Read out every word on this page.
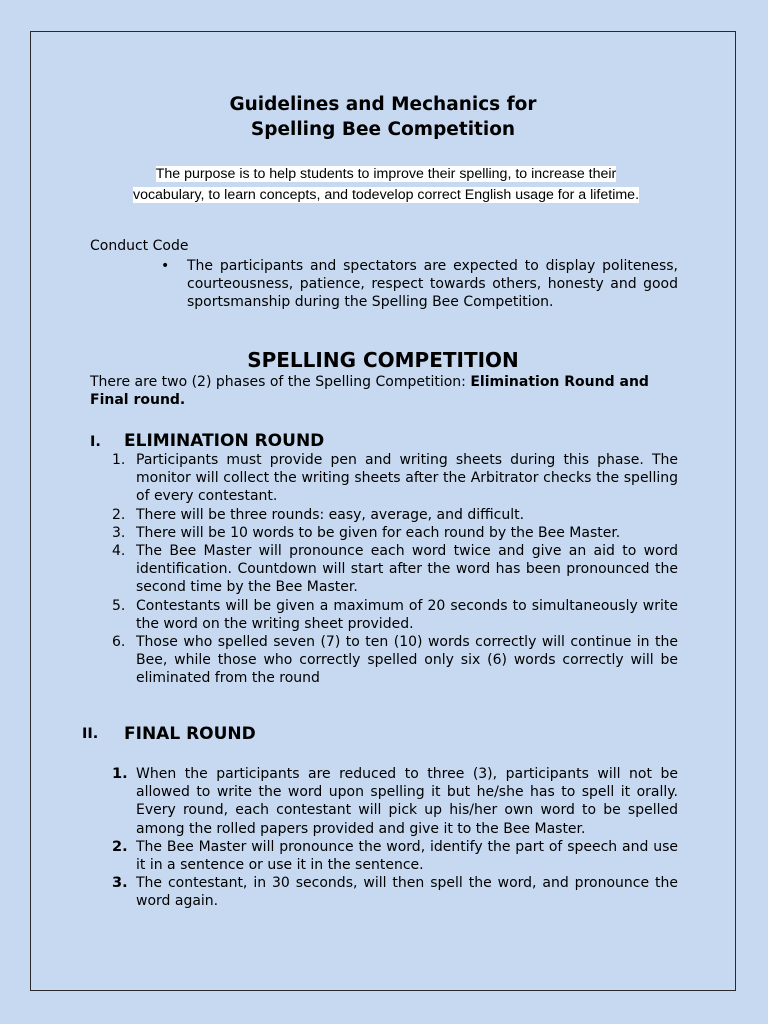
Guidelines and Mechanics for
Spelling Bee Competition
The purpose is to help students to improve their spelling, to increase their
vocabulary, to learn concepts, and todevelop correct English usage for a lifetime.
Conduct Code
• The participants and spectators are expected to display politeness, courteousness, patience, respect towards others, honesty and good sportsmanship during the Spelling Bee Competition.
SPELLING COMPETITION
There are two (2) phases of the Spelling Competition: Elimination Round and Final round.
I. ELIMINATION ROUND
1. Participants must provide pen and writing sheets during this phase. The monitor will collect the writing sheets after the Arbitrator checks the spelling of every contestant.
2. There will be three rounds: easy, average, and difficult.
3. There will be 10 words to be given for each round by the Bee Master.
4. The Bee Master will pronounce each word twice and give an aid to word identification. Countdown will start after the word has been pronounced the second time by the Bee Master.
5. Contestants will be given a maximum of 20 seconds to simultaneously write the word on the writing sheet provided.
6. Those who spelled seven (7) to ten (10) words correctly will continue in the Bee, while those who correctly spelled only six (6) words correctly will be eliminated from the round
II. FINAL ROUND
1. When the participants are reduced to three (3), participants will not be allowed to write the word upon spelling it but he/she has to spell it orally. Every round, each contestant will pick up his/her own word to be spelled among the rolled papers provided and give it to the Bee Master.
2. The Bee Master will pronounce the word, identify the part of speech and use it in a sentence or use it in the sentence.
3. The contestant, in 30 seconds, will then spell the word, and pronounce the word again.
